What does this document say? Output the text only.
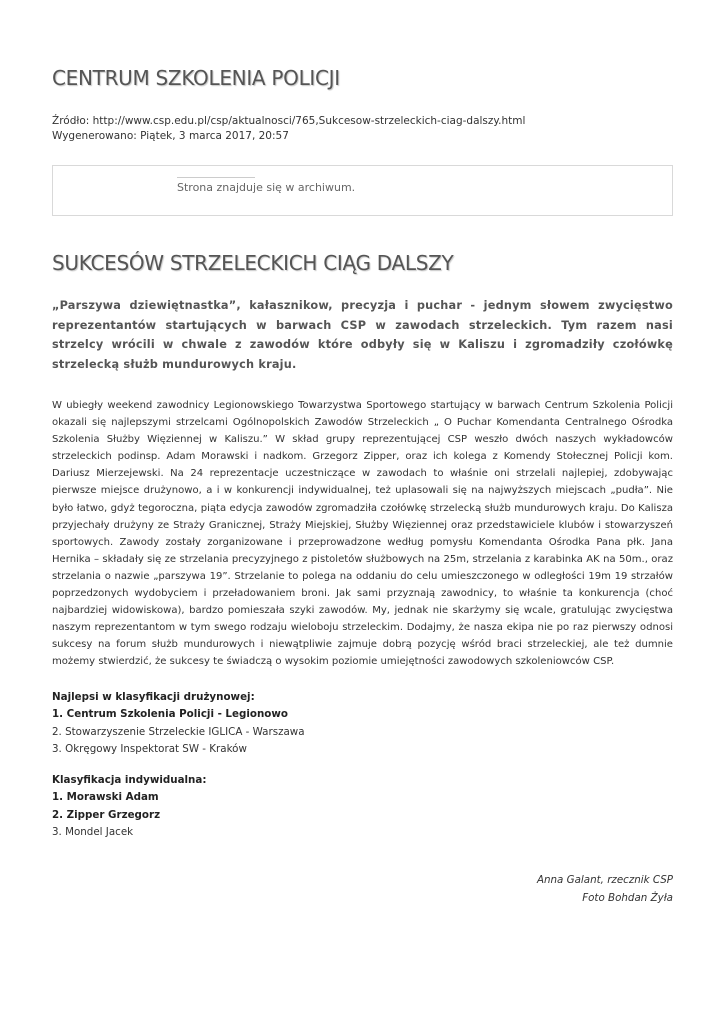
CENTRUM SZKOLENIA POLICJI
Źródło: http://www.csp.edu.pl/csp/aktualnosci/765,Sukcesow-strzeleckich-ciag-dalszy.html
Wygenerowano: Piątek, 3 marca 2017, 20:57
Strona znajduje się w archiwum.
SUKCESÓW STRZELECKICH CIĄG DALSZY

„Parszywa dziewiętnastka”, kałasznikow, precyzja i puchar - jednym słowem zwycięstwo reprezentantów startujących w barwach CSP w zawodach strzeleckich. Tym razem nasi strzelcy wrócili w chwale z zawodów które odbyły się w Kaliszu i zgromadziły czołówkę strzelecką służb mundurowych kraju.

W ubiegły weekend zawodnicy Legionowskiego Towarzystwa Sportowego startujący w barwach Centrum Szkolenia Policji okazali się najlepszymi strzelcami Ogólnopolskich Zawodów Strzeleckich „ O Puchar Komendanta Centralnego Ośrodka Szkolenia Służby Więziennej w Kaliszu.” W skład grupy reprezentującej CSP weszło dwóch naszych wykładowców strzeleckich podinsp. Adam Morawski i nadkom. Grzegorz Zipper, oraz ich kolega z Komendy Stołecznej Policji kom. Dariusz Mierzejewski. Na 24 reprezentacje uczestniczące w zawodach to właśnie oni strzelali najlepiej, zdobywając pierwsze miejsce drużynowo, a i w konkurencji indywidualnej, też uplasowali się na najwyższych miejscach „pudła”. Nie było łatwo, gdyż tegoroczna, piąta edycja zawodów zgromadziła czołówkę strzelecką służb mundurowych kraju. Do Kalisza przyjechały drużyny ze Straży Granicznej, Straży Miejskiej, Służby Więziennej oraz przedstawiciele klubów i stowarzyszeń sportowych. Zawody zostały zorganizowane i przeprowadzone według pomysłu Komendanta Ośrodka Pana płk. Jana Hernika – składały się ze strzelania precyzyjnego z pistoletów służbowych na 25m, strzelania z karabinka AK na 50m., oraz strzelania o nazwie „parszywa 19”. Strzelanie to polega na oddaniu do celu umieszczonego w odległości 19m 19 strzałów poprzedzonych wydobyciem i przeładowaniem broni. Jak sami przyznają zawodnicy, to właśnie ta konkurencja (choć najbardziej widowiskowa), bardzo pomieszała szyki zawodów. My, jednak nie skarżymy się wcale, gratulując zwycięstwa naszym reprezentantom w tym swego rodzaju wieloboju strzeleckim. Dodajmy, że nasza ekipa nie po raz pierwszy odnosi sukcesy na forum służb mundurowych i niewątpliwie zajmuje dobrą pozycję wśród braci strzeleckiej, ale też dumnie możemy stwierdzić, że sukcesy te świadczą o wysokim poziomie umiejętności zawodowych szkoleniowców CSP.

Najlepsi w klasyfikacji drużynowej:
1. Centrum Szkolenia Policji - Legionowo
2. Stowarzyszenie Strzeleckie IGLICA - Warszawa
3. Okręgowy Inspektorat SW - Kraków
Klasyfikacja indywidualna:
1. Morawski Adam
2. Zipper Grzegorz
3. Mondel Jacek
Anna Galant, rzecznik CSP
Foto Bohdan Żyła
